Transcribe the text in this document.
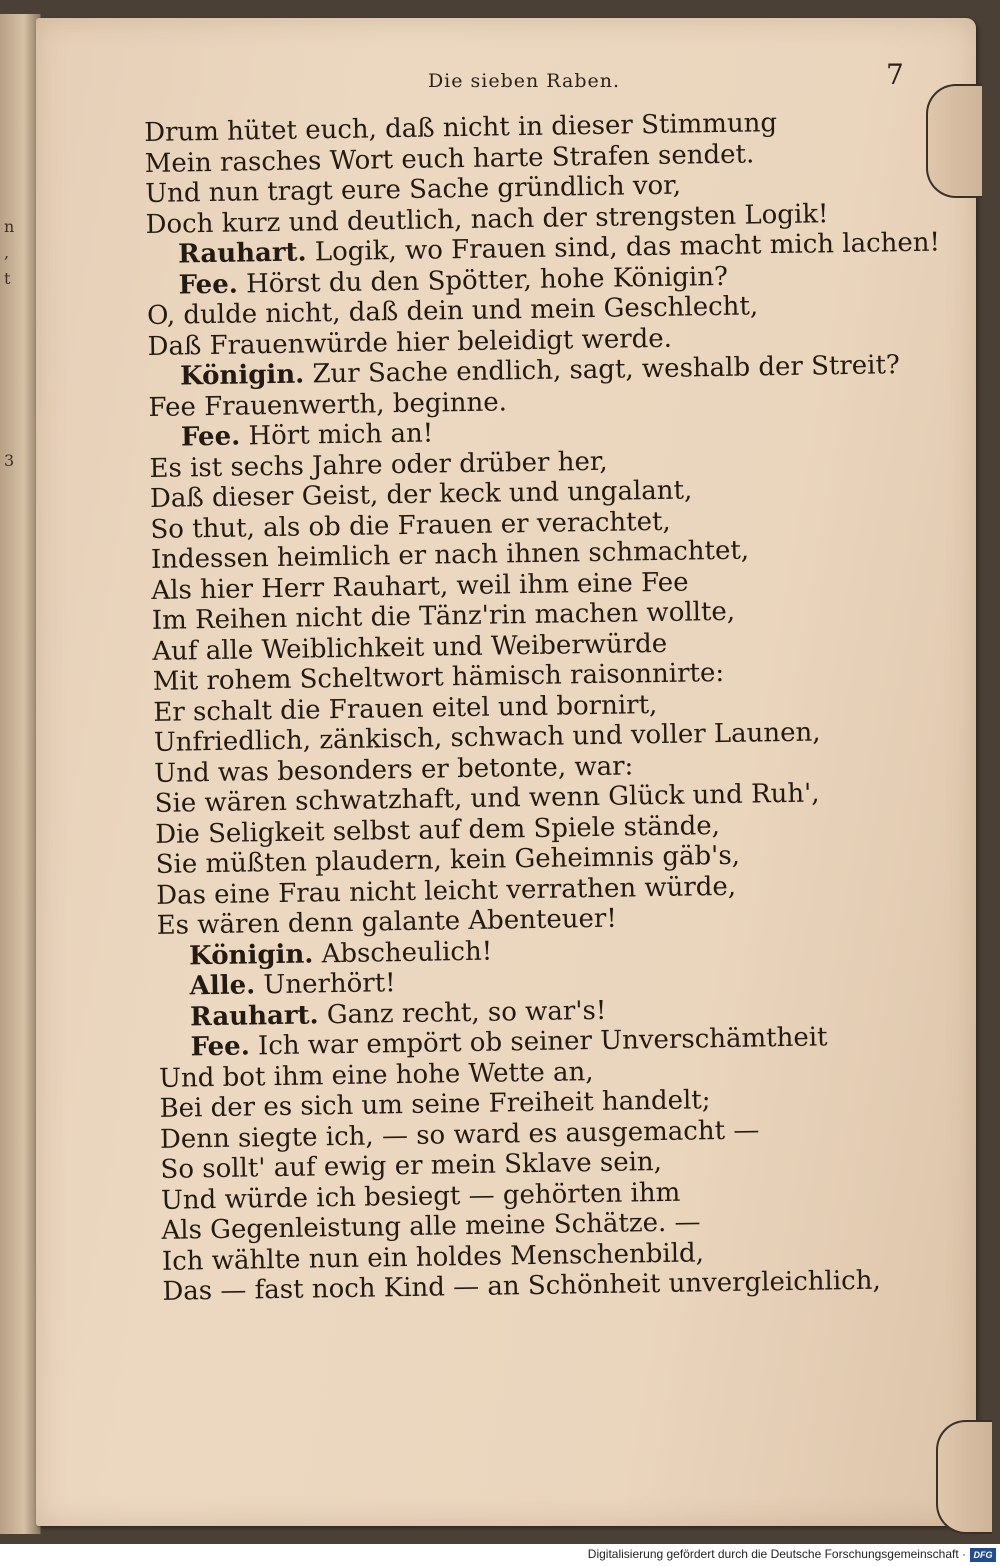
n
,
t
3
Die sieben Raben.	7
Drum hütet euch, daß nicht in dieser Stimmung
Mein rasches Wort euch harte Strafen sendet.
Und nun tragt eure Sache gründlich vor,
Doch kurz und deutlich, nach der strengsten Logik!
Rauhart. Logik, wo Frauen sind, das macht mich lachen!
Fee. Hörst du den Spötter, hohe Königin?
O, dulde nicht, daß dein und mein Geschlecht,
Daß Frauenwürde hier beleidigt werde.
Königin. Zur Sache endlich, sagt, weshalb der Streit?
Fee Frauenwerth, beginne.
Fee. Hört mich an!
Es ist sechs Jahre oder drüber her,
Daß dieser Geist, der keck und ungalant,
So thut, als ob die Frauen er verachtet,
Indessen heimlich er nach ihnen schmachtet,
Als hier Herr Rauhart, weil ihm eine Fee
Im Reihen nicht die Tänz'rin machen wollte,
Auf alle Weiblichkeit und Weiberwürde
Mit rohem Scheltwort hämisch raisonnirte:
Er schalt die Frauen eitel und bornirt,
Unfriedlich, zänkisch, schwach und voller Launen,
Und was besonders er betonte, war:
Sie wären schwatzhaft, und wenn Glück und Ruh',
Die Seligkeit selbst auf dem Spiele stände,
Sie müßten plaudern, kein Geheimnis gäb's,
Das eine Frau nicht leicht verrathen würde,
Es wären denn galante Abenteuer!
Königin. Abscheulich!
Alle. Unerhört!
Rauhart. Ganz recht, so war's!
Fee. Ich war empört ob seiner Unverschämtheit
Und bot ihm eine hohe Wette an,
Bei der es sich um seine Freiheit handelt;
Denn siegte ich, — so ward es ausgemacht —
So sollt' auf ewig er mein Sklave sein,
Und würde ich besiegt — gehörten ihm
Als Gegenleistung alle meine Schätze. —
Ich wählte nun ein holdes Menschenbild,
Das — fast noch Kind — an Schönheit unvergleichlich,
Digitalisierung gefördert durch die Deutsche Forschungsgemeinschaft · DFG
